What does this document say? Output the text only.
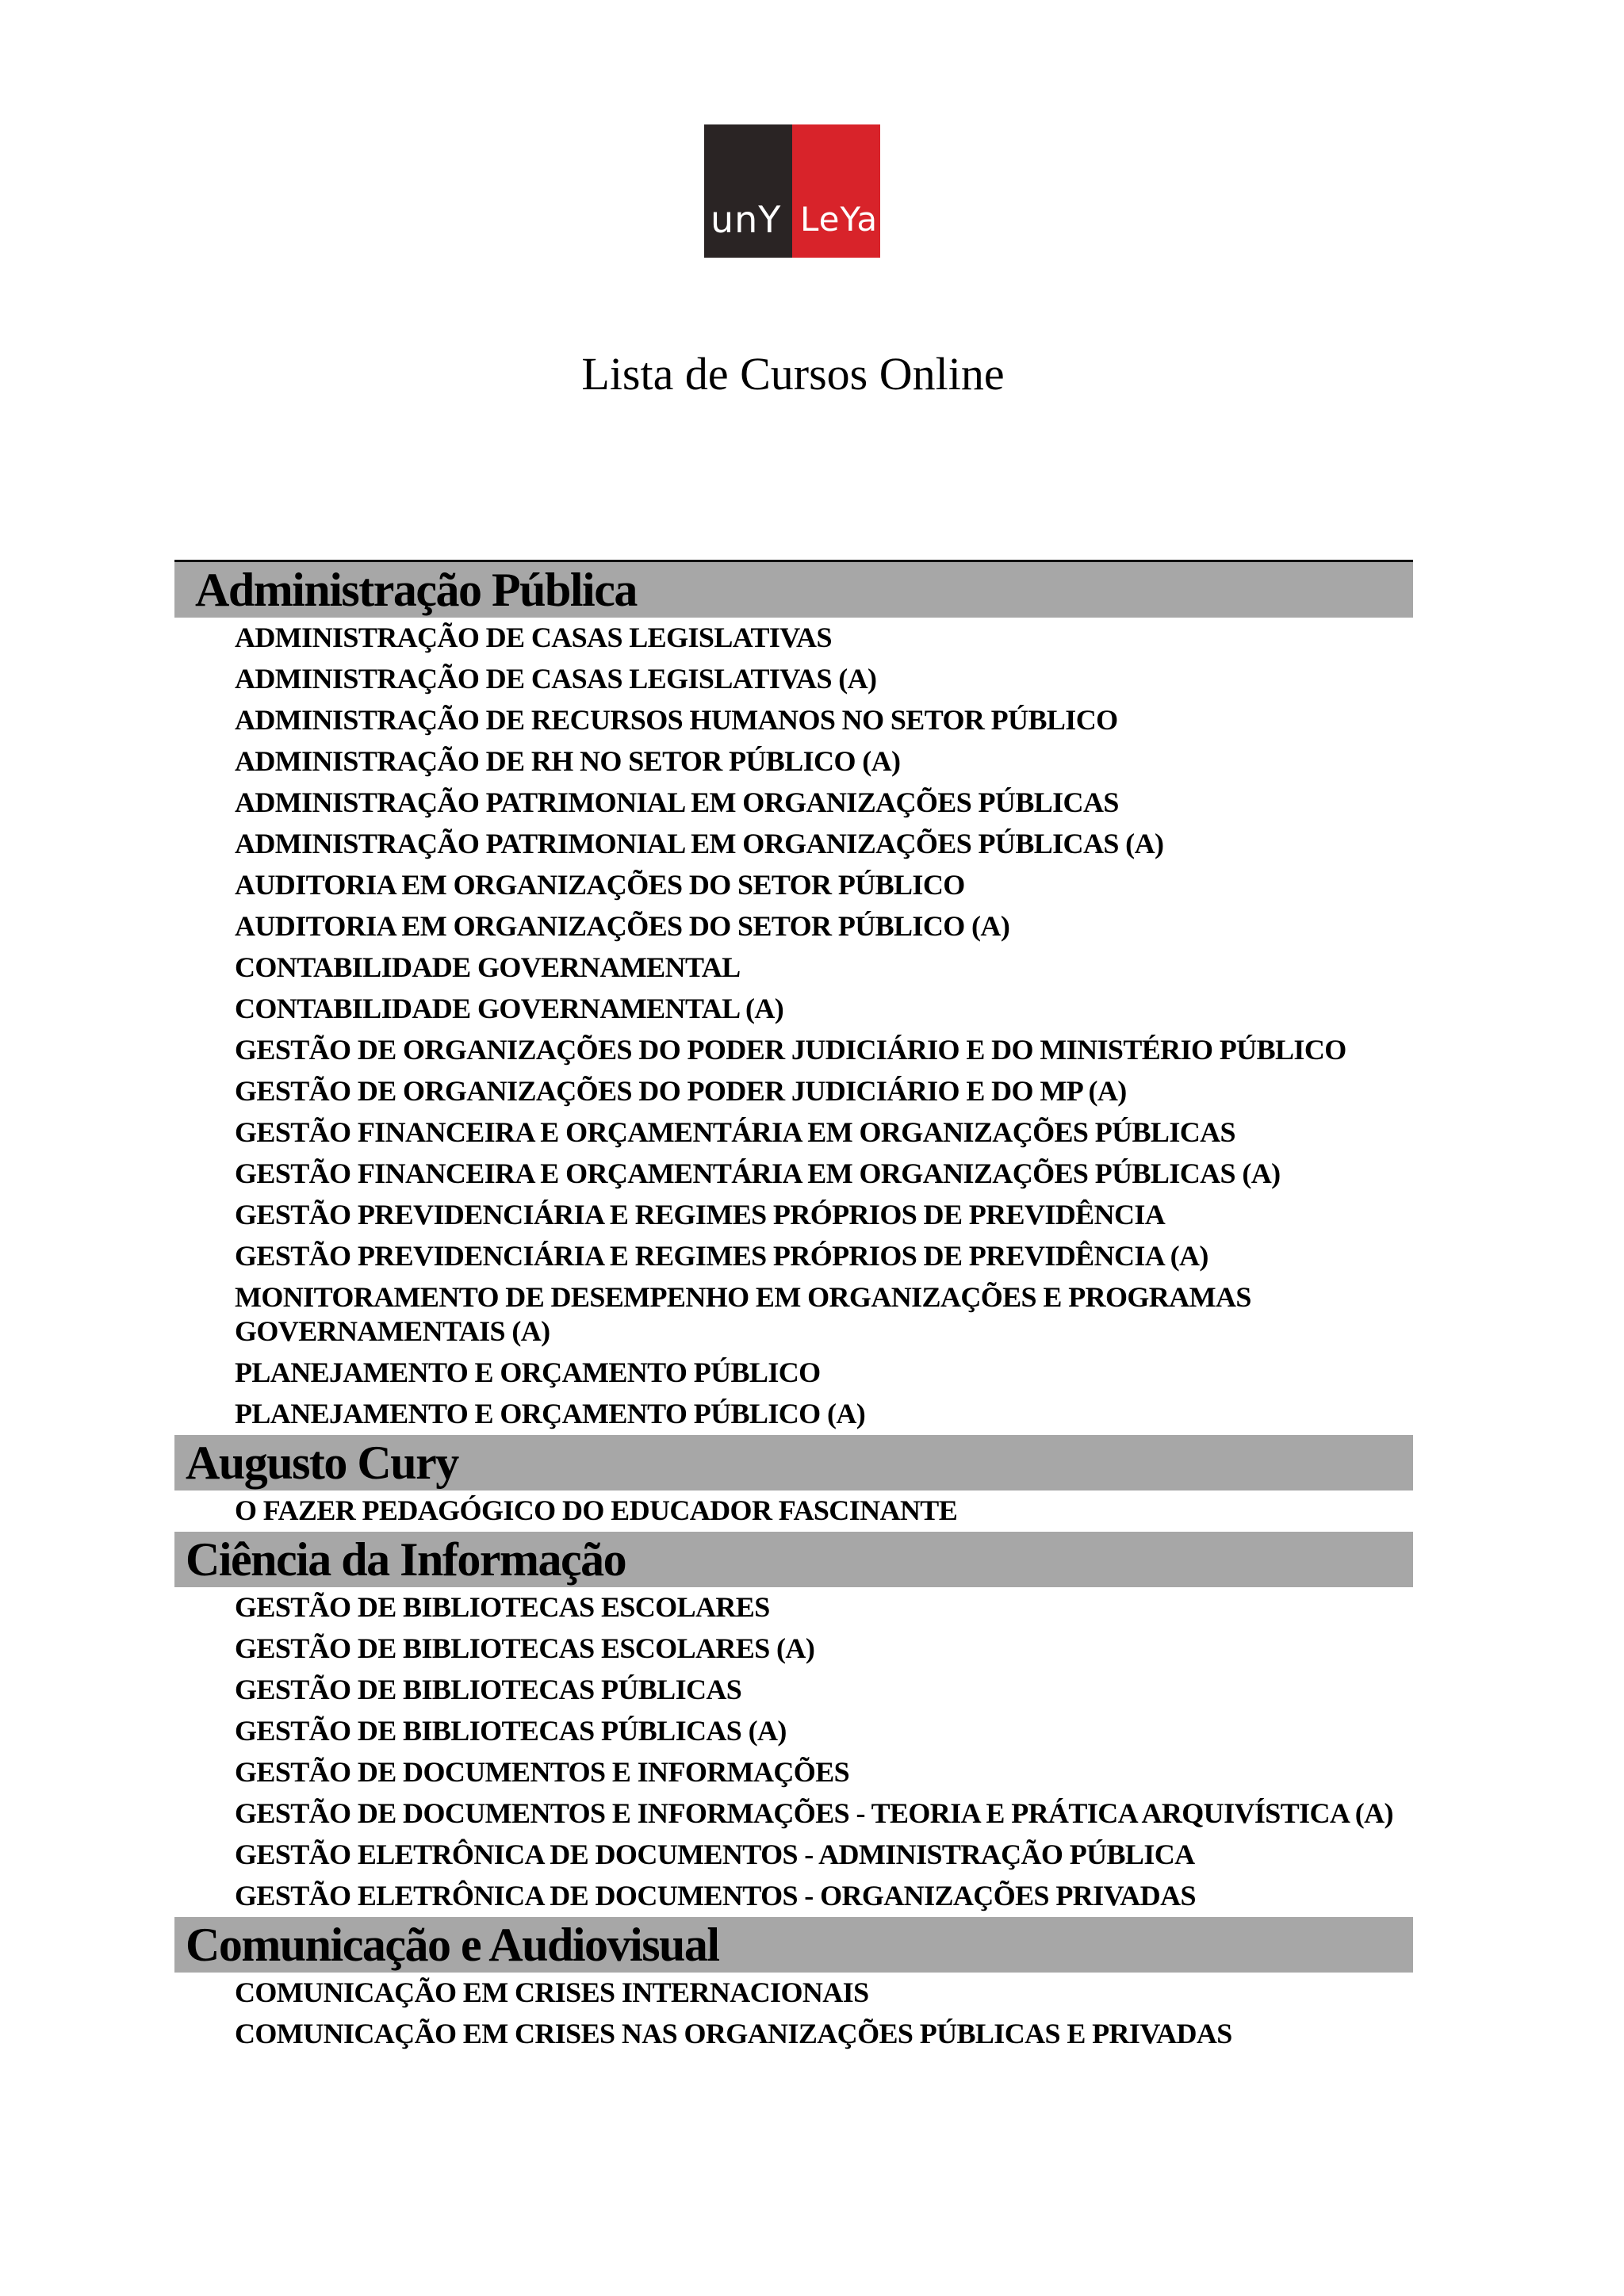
unY LeYa
Lista de Cursos Online
Administração Pública
ADMINISTRAÇÃO DE CASAS LEGISLATIVAS
ADMINISTRAÇÃO DE CASAS LEGISLATIVAS (A)
ADMINISTRAÇÃO DE RECURSOS HUMANOS NO SETOR PÚBLICO
ADMINISTRAÇÃO DE RH NO SETOR PÚBLICO (A)
ADMINISTRAÇÃO PATRIMONIAL EM ORGANIZAÇÕES PÚBLICAS
ADMINISTRAÇÃO PATRIMONIAL EM ORGANIZAÇÕES PÚBLICAS (A)
AUDITORIA EM ORGANIZAÇÕES DO SETOR PÚBLICO
AUDITORIA EM ORGANIZAÇÕES DO SETOR PÚBLICO (A)
CONTABILIDADE GOVERNAMENTAL
CONTABILIDADE GOVERNAMENTAL (A)
GESTÃO DE ORGANIZAÇÕES DO PODER JUDICIÁRIO E DO MINISTÉRIO PÚBLICO
GESTÃO DE ORGANIZAÇÕES DO PODER JUDICIÁRIO E DO MP (A)
GESTÃO FINANCEIRA E ORÇAMENTÁRIA EM ORGANIZAÇÕES PÚBLICAS
GESTÃO FINANCEIRA E ORÇAMENTÁRIA EM ORGANIZAÇÕES PÚBLICAS (A)
GESTÃO PREVIDENCIÁRIA E REGIMES PRÓPRIOS DE PREVIDÊNCIA
GESTÃO PREVIDENCIÁRIA E REGIMES PRÓPRIOS DE PREVIDÊNCIA (A)
MONITORAMENTO DE DESEMPENHO EM ORGANIZAÇÕES E PROGRAMAS GOVERNAMENTAIS (A)
PLANEJAMENTO E ORÇAMENTO PÚBLICO
PLANEJAMENTO E ORÇAMENTO PÚBLICO (A)
Augusto Cury
O FAZER PEDAGÓGICO DO EDUCADOR FASCINANTE
Ciência da Informação
GESTÃO DE BIBLIOTECAS ESCOLARES
GESTÃO DE BIBLIOTECAS ESCOLARES (A)
GESTÃO DE BIBLIOTECAS PÚBLICAS
GESTÃO DE BIBLIOTECAS PÚBLICAS (A)
GESTÃO DE DOCUMENTOS E INFORMAÇÕES
GESTÃO DE DOCUMENTOS E INFORMAÇÕES - TEORIA E PRÁTICA ARQUIVÍSTICA (A)
GESTÃO ELETRÔNICA DE DOCUMENTOS - ADMINISTRAÇÃO PÚBLICA
GESTÃO ELETRÔNICA DE DOCUMENTOS - ORGANIZAÇÕES PRIVADAS
Comunicação e Audiovisual
COMUNICAÇÃO EM CRISES INTERNACIONAIS
COMUNICAÇÃO EM CRISES NAS ORGANIZAÇÕES PÚBLICAS E PRIVADAS
